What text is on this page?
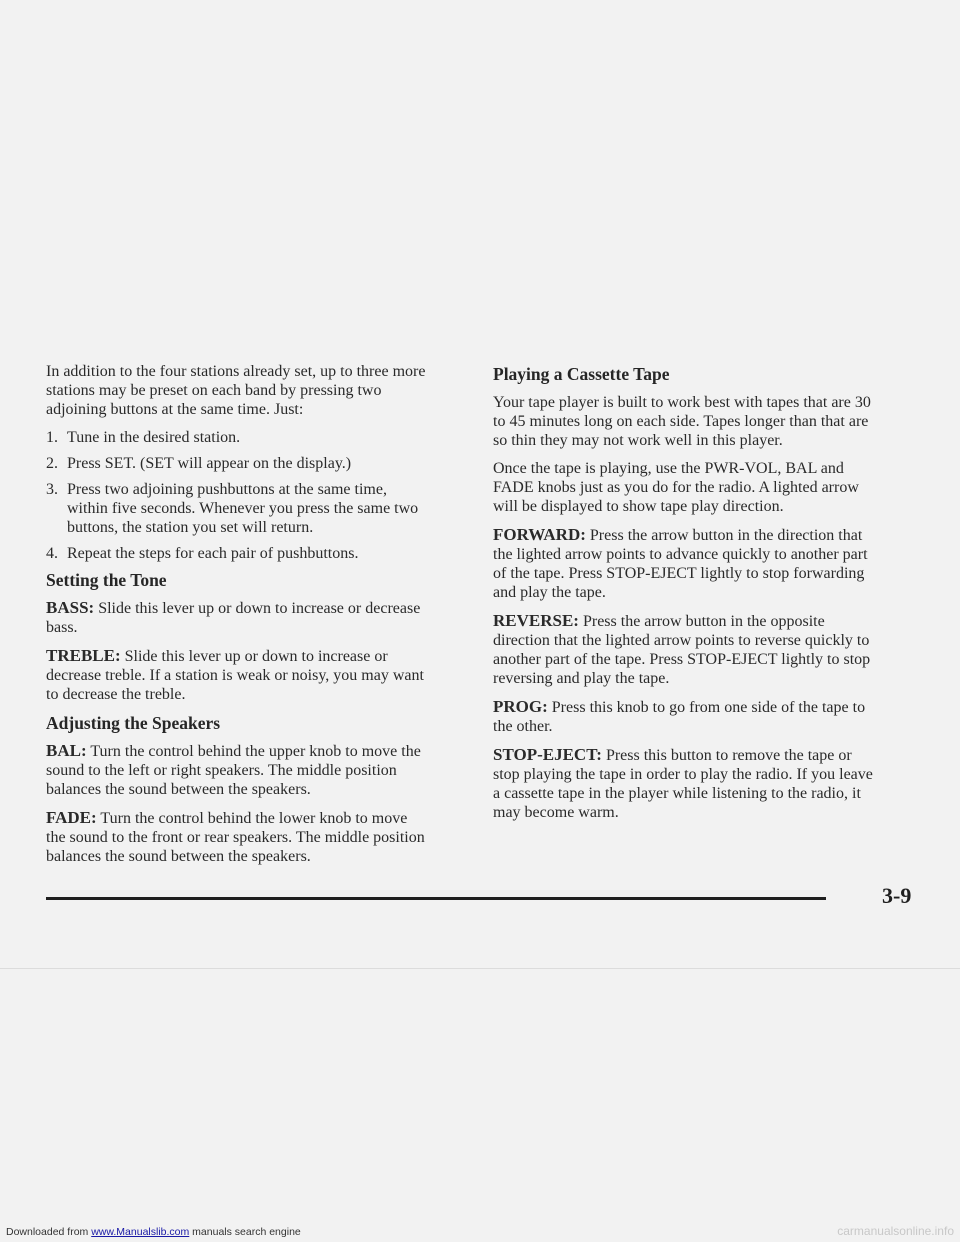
In addition to the four stations already set, up to three more stations may be preset on each band by pressing two adjoining buttons at the same time. Just:

1. Tune in the desired station.
2. Press SET. (SET will appear on the display.)
3. Press two adjoining pushbuttons at the same time, within five seconds. Whenever you press the same two buttons, the station you set will return.
4. Repeat the steps for each pair of pushbuttons.
Setting the Tone

BASS: Slide this lever up or down to increase or decrease bass.

TREBLE: Slide this lever up or down to increase or decrease treble. If a station is weak or noisy, you may want to decrease the treble.

Adjusting the Speakers

BAL: Turn the control behind the upper knob to move the sound to the left or right speakers. The middle position balances the sound between the speakers.

FADE: Turn the control behind the lower knob to move the sound to the front or rear speakers. The middle position balances the sound between the speakers.

Playing a Cassette Tape

Your tape player is built to work best with tapes that are 30 to 45 minutes long on each side. Tapes longer than that are so thin they may not work well in this player.

Once the tape is playing, use the PWR-VOL, BAL and FADE knobs just as you do for the radio. A lighted arrow will be displayed to show tape play direction.

FORWARD: Press the arrow button in the direction that the lighted arrow points to advance quickly to another part of the tape. Press STOP-EJECT lightly to stop forwarding and play the tape.

REVERSE: Press the arrow button in the opposite direction that the lighted arrow points to reverse quickly to another part of the tape. Press STOP-EJECT lightly to stop reversing and play the tape.

PROG: Press this knob to go from one side of the tape to the other.

STOP-EJECT: Press this button to remove the tape or stop playing the tape in order to play the radio. If you leave a cassette tape in the player while listening to the radio, it may become warm.

3-9
Downloaded from www.Manualslib.com manuals search engine	carmanualsonline.info
